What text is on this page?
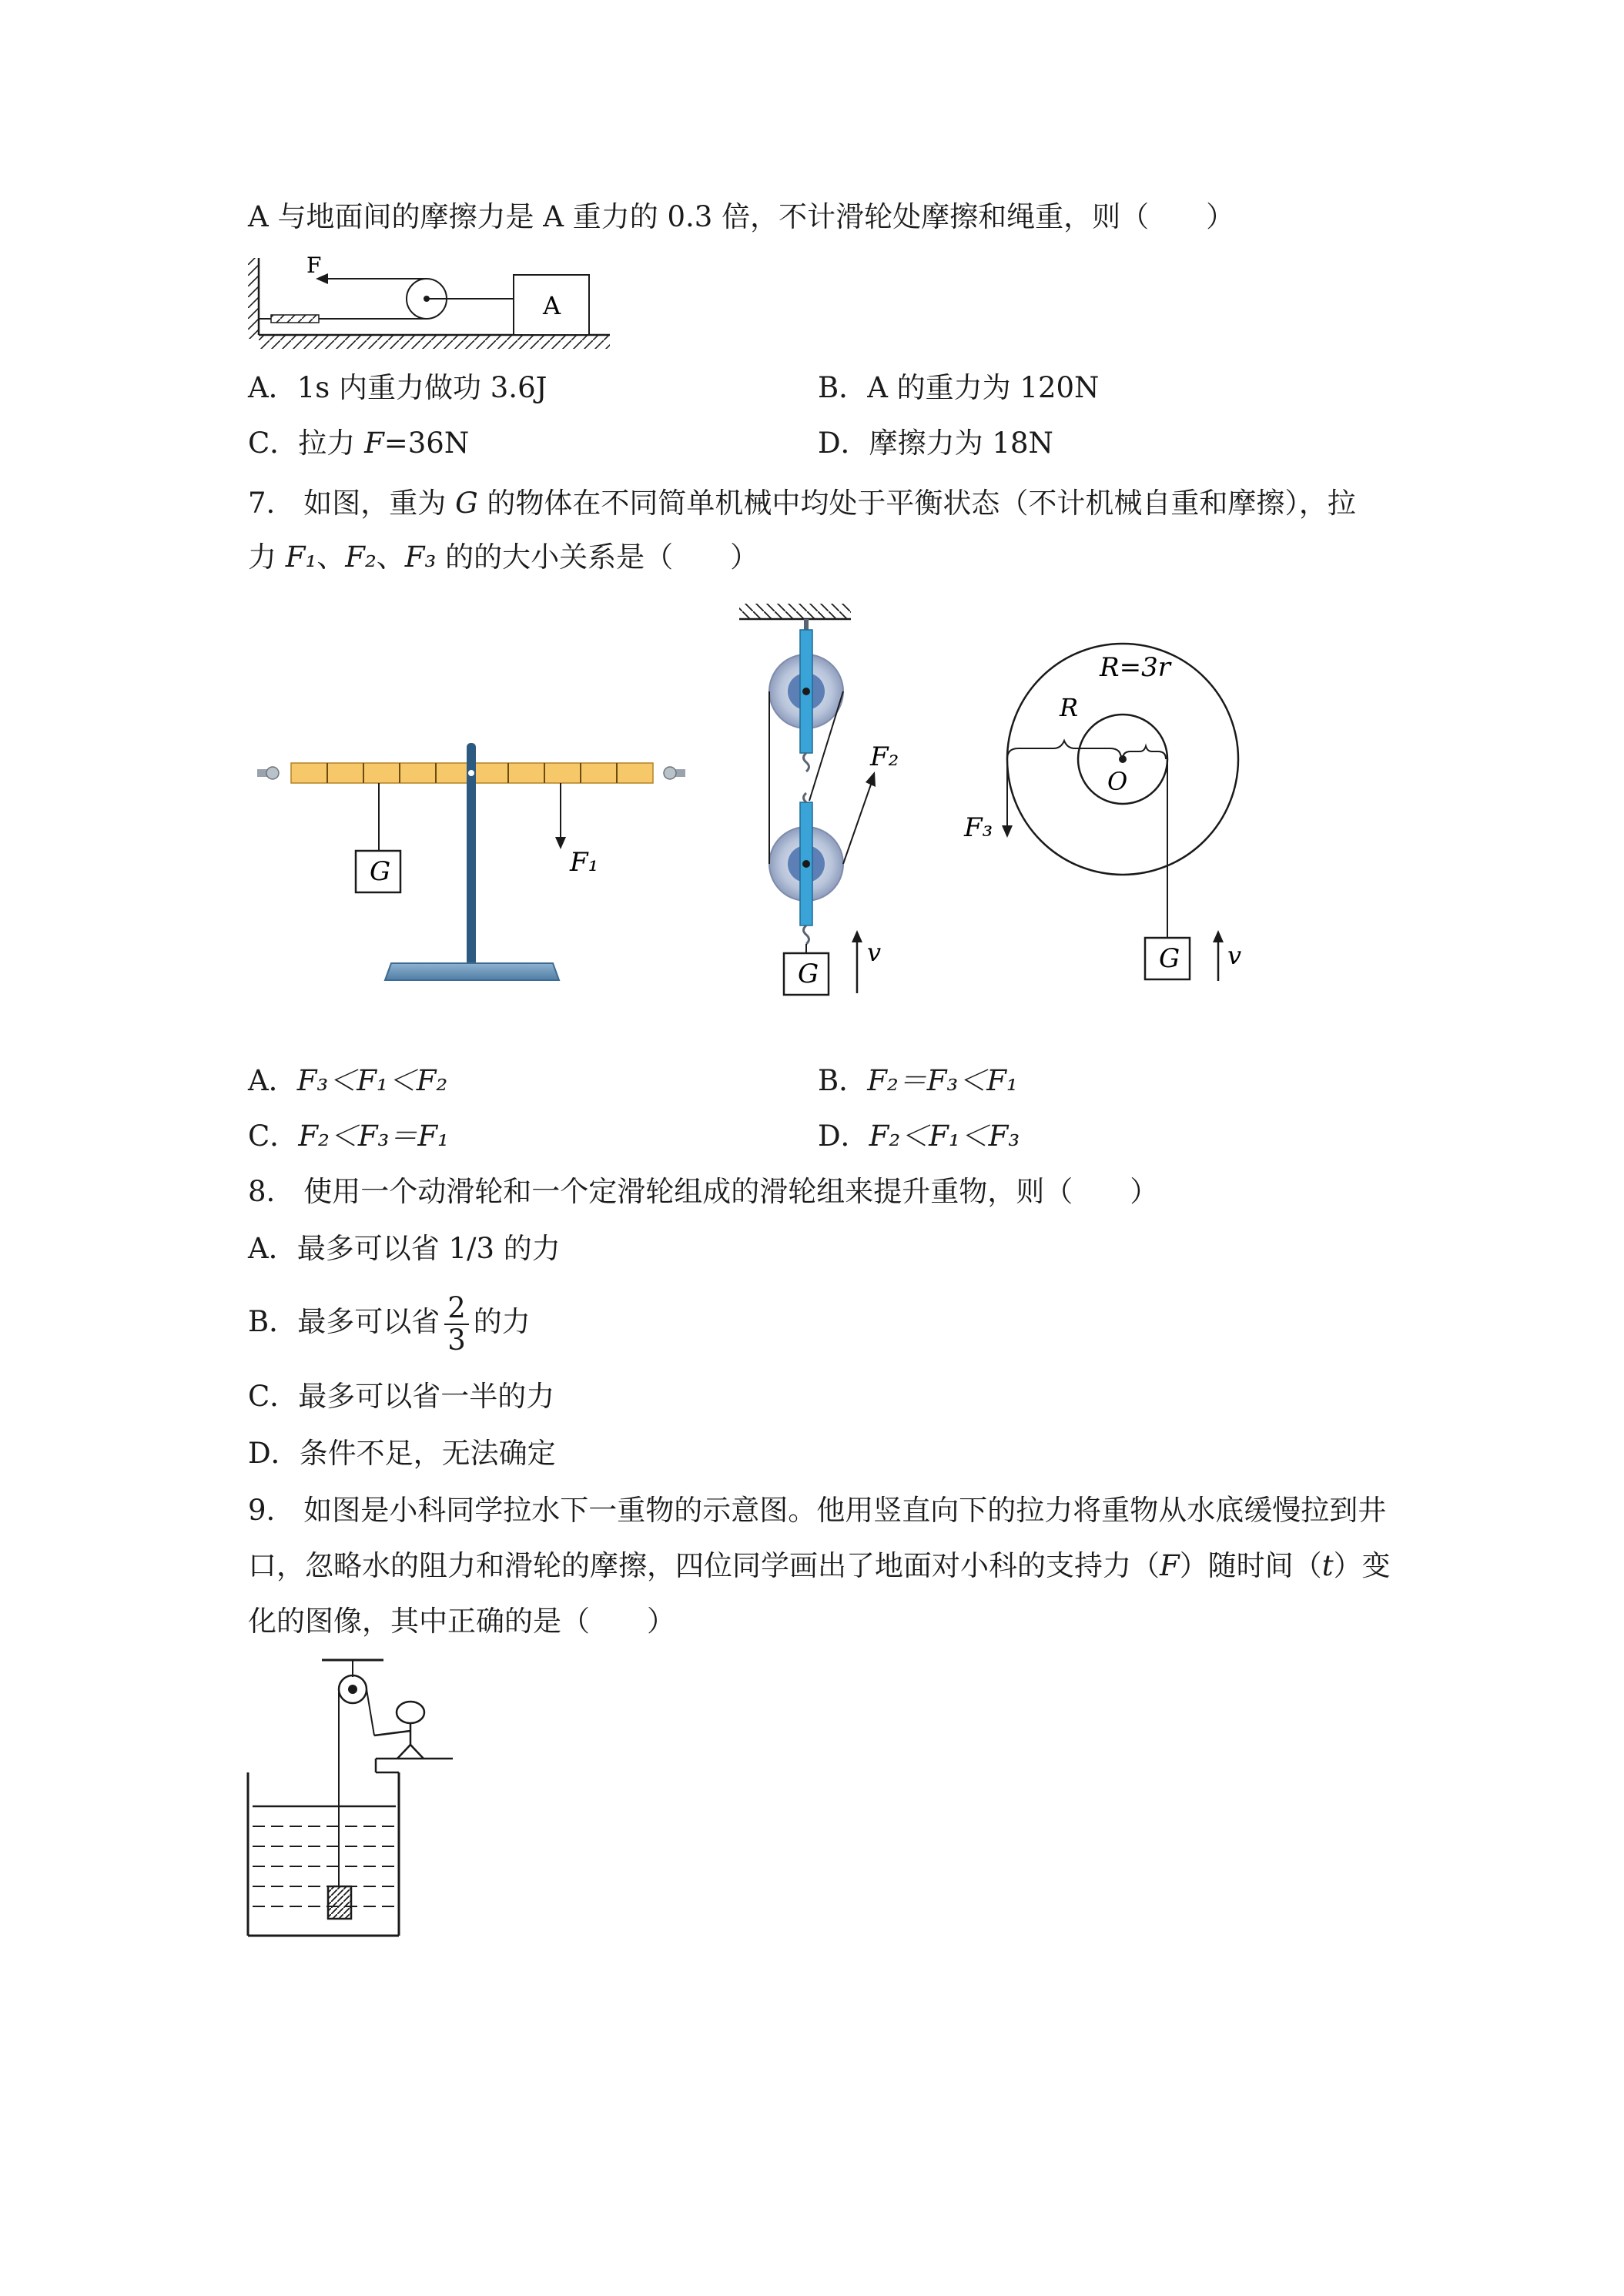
A 与地面间的摩擦力是 A 重力的 0.3 倍，不计滑轮处摩擦和绳重，则（　　）
F
A
A．1s 内重力做功 3.6J	B．A 的重力为 120N
C．拉力 F=36N	D．摩擦力为 18N
7.　如图，重为 G 的物体在不同简单机械中均处于平衡状态（不计机械自重和摩擦），拉
力 F₁、F₂、F₃ 的的大小关系是（　　）
G	F₁
F₂
G
v
R=3r
R
O
F₃
G v
A．F₃＜F₁＜F₂	B．F₂＝F₃＜F₁
C．F₂＜F₃＝F₁	D．F₂＜F₁＜F₃
8.　使用一个动滑轮和一个定滑轮组成的滑轮组来提升重物，则（　　）
A．最多可以省 1/3 的力
B．最多可以省 $\frac{2}{3}$ 的力
C．最多可以省一半的力
D．条件不足，无法确定
9.　如图是小科同学拉水下一重物的示意图。他用竖直向下的拉力将重物从水底缓慢拉到井
口，忽略水的阻力和滑轮的摩擦，四位同学画出了地面对小科的支持力（F）随时间（t）变
化的图像，其中正确的是（　　）
